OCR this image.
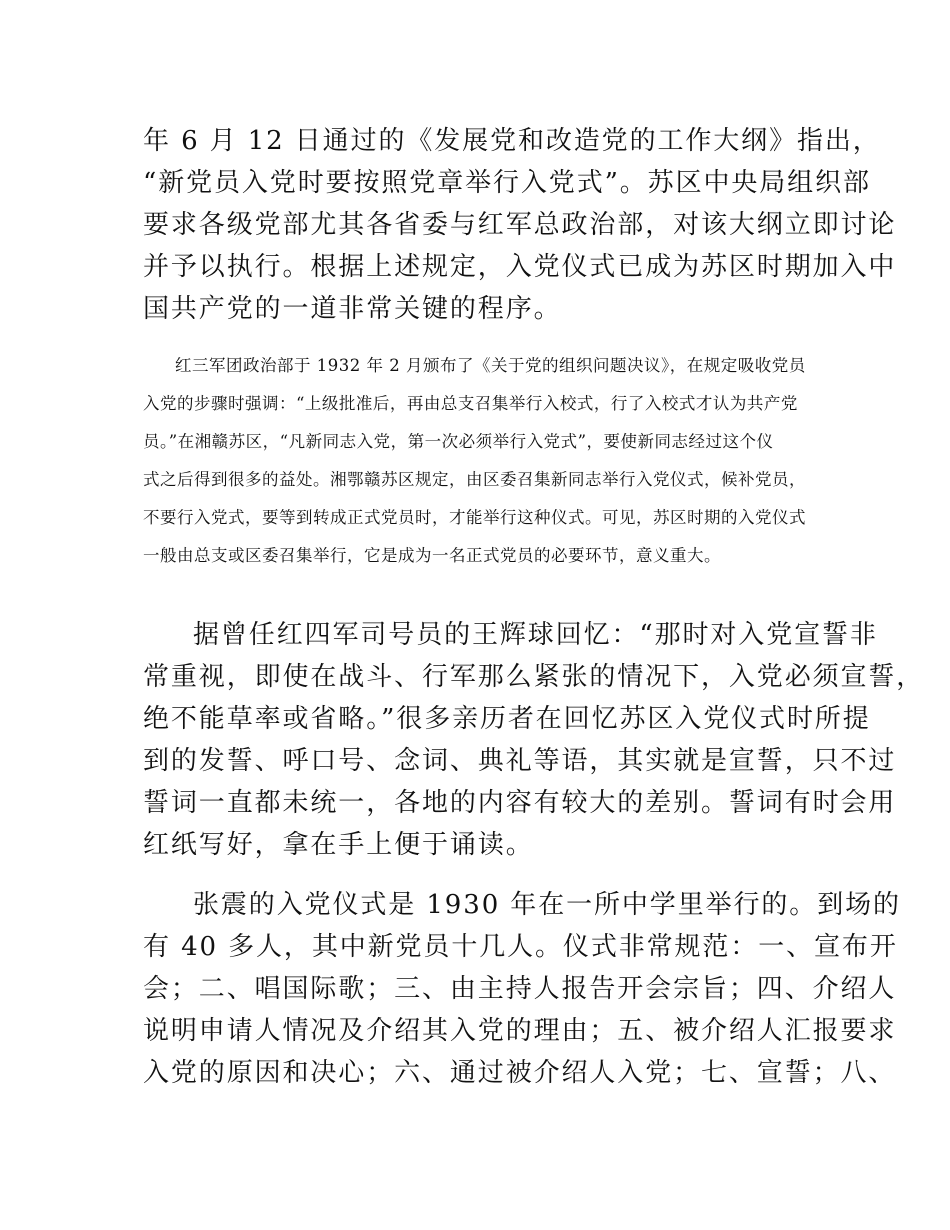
年 6 月 12 日通过的《发展党和改造党的工作大纲》指出，

“新党员入党时要按照党章举行入党式”。苏区中央局组织部

要求各级党部尤其各省委与红军总政治部，对该大纲立即讨论

并予以执行。根据上述规定，入党仪式已成为苏区时期加入中

国共产党的一道非常关键的程序。

红三军团政治部于 1932 年 2 月颁布了《关于党的组织问题决议》，在规定吸收党员

入党的步骤时强调：“上级批准后，再由总支召集举行入校式，行了入校式才认为共产党

员。”在湘赣苏区，“凡新同志入党，第一次必须举行入党式”，要使新同志经过这个仪

式之后得到很多的益处。湘鄂赣苏区规定，由区委召集新同志举行入党仪式，候补党员，

不要行入党式，要等到转成正式党员时，才能举行这种仪式。可见，苏区时期的入党仪式

一般由总支或区委召集举行，它是成为一名正式党员的必要环节，意义重大。

据曾任红四军司号员的王辉球回忆：“那时对入党宣誓非

常重视，即使在战斗、行军那么紧张的情况下，入党必须宣誓，

绝不能草率或省略。”很多亲历者在回忆苏区入党仪式时所提

到的发誓、呼口号、念词、典礼等语，其实就是宣誓，只不过

誓词一直都未统一，各地的内容有较大的差别。誓词有时会用

红纸写好，拿在手上便于诵读。

张震的入党仪式是 1930 年在一所中学里举行的。到场的

有 40 多人，其中新党员十几人。仪式非常规范：一、宣布开

会；二、唱国际歌；三、由主持人报告开会宗旨；四、介绍人

说明申请人情况及介绍其入党的理由；五、被介绍人汇报要求

入党的原因和决心；六、通过被介绍人入党；七、宣誓；八、
